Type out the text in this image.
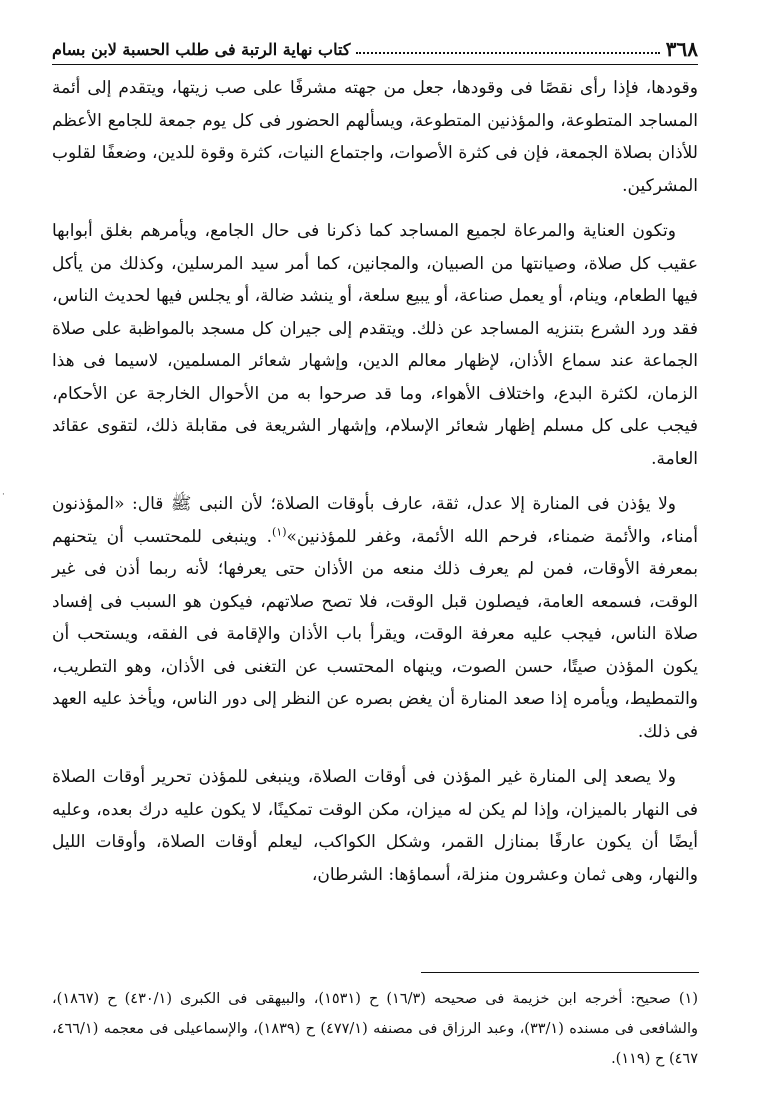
٣٦٨
كتاب نهاية الرتبة فى طلب الحسبة لابن بسام

وقودها، فإذا رأى نقصًا فى وقودها، جعل من جهته مشرفًا على صب زيتها، ويتقدم إلى أئمة المساجد المتطوعة، والمؤذنين المتطوعة، ويسألهم الحضور فى كل يوم جمعة للجامع الأعظم للأذان بصلاة الجمعة، فإن فى كثرة الأصوات، واجتماع النيات، كثرة وقوة للدين، وضعفًا لقلوب المشركين.

وتكون العناية والمرعاة لجميع المساجد كما ذكرنا فى حال الجامع، ويأمرهم بغلق أبوابها عقيب كل صلاة، وصيانتها من الصبيان، والمجانين، كما أمر سيد المرسلين، وكذلك من يأكل فيها الطعام، وينام، أو يعمل صناعة، أو يبيع سلعة، أو ينشد ضالة، أو يجلس فيها لحديث الناس، فقد ورد الشرع بتنزيه المساجد عن ذلك. ويتقدم إلى جيران كل مسجد بالمواظبة على صلاة الجماعة عند سماع الأذان، لإظهار معالم الدين، وإشهار شعائر المسلمين، لاسيما فى هذا الزمان، لكثرة البدع، واختلاف الأهواء، وما قد صرحوا به من الأحوال الخارجة عن الأحكام، فيجب على كل مسلم إظهار شعائر الإسلام، وإشهار الشريعة فى مقابلة ذلك، لتقوى عقائد العامة.

ولا يؤذن فى المنارة إلا عدل، ثقة، عارف بأوقات الصلاة؛ لأن النبى ﷺ قال: «المؤذنون أمناء، والأئمة ضمناء، فرحم الله الأئمة، وغفر للمؤذنين»$^{(١)}$. وينبغى للمحتسب أن يتحنهم بمعرفة الأوقات، فمن لم يعرف ذلك منعه من الأذان حتى يعرفها؛ لأنه ربما أذن فى غير الوقت، فسمعه العامة، فيصلون قبل الوقت، فلا تصح صلاتهم، فيكون هو السبب فى إفساد صلاة الناس، فيجب عليه معرفة الوقت، ويقرأ باب الأذان والإقامة فى الفقه، ويستحب أن يكون المؤذن صيتًا، حسن الصوت، وينهاه المحتسب عن التغنى فى الأذان، وهو التطريب، والتمطيط، ويأمره إذا صعد المنارة أن يغض بصره عن النظر إلى دور الناس، ويأخذ عليه العهد فى ذلك.

ولا يصعد إلى المنارة غير المؤذن فى أوقات الصلاة، وينبغى للمؤذن تحرير أوقات الصلاة فى النهار بالميزان، وإذا لم يكن له ميزان، مكن الوقت تمكينًا، لا يكون عليه درك بعده، وعليه أيضًا أن يكون عارفًا بمنازل القمر، وشكل الكواكب، ليعلم أوقات الصلاة، وأوقات الليل والنهار، وهى ثمان وعشرون منزلة، أسماؤها: الشرطان،

(١) صحيح: أخرجه ابن خزيمة فى صحيحه (١٦/٣) ح (١٥٣١)، والبيهقى فى الكبرى (٤٣٠/١) ح (١٨٦٧)، والشافعى فى مسنده (٣٣/١)، وعبد الرزاق فى مصنفه (٤٧٧/١) ح (١٨٣٩)، والإسماعيلى فى معجمه (٤٦٦/١، ٤٦٧) ح (١١٩).
·
